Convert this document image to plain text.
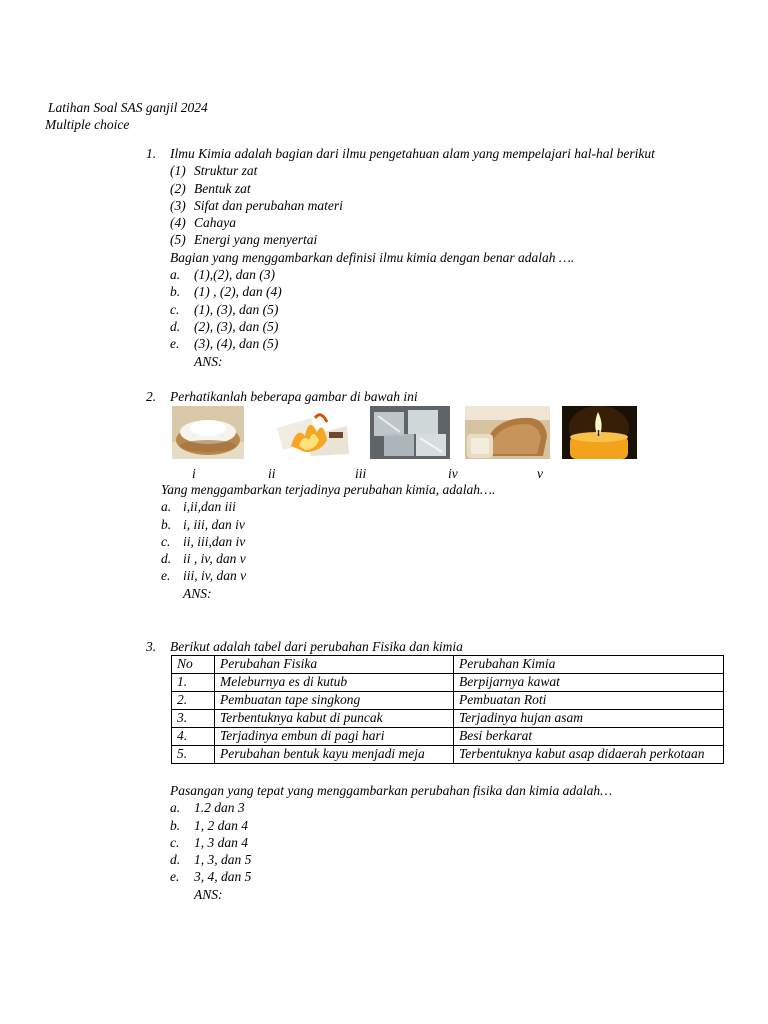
Latihan Soal SAS ganjil 2024
Multiple choice
1. Ilmu Kimia adalah bagian dari ilmu pengetahuan alam yang mempelajari hal-hal berikut
(1) Struktur zat
(2) Bentuk zat
(3) Sifat dan perubahan materi
(4) Cahaya
(5) Energi yang menyertai
Bagian yang menggambarkan definisi ilmu kimia dengan benar adalah ….
a.	(1),(2), dan (3)
b.	(1) , (2), dan (4)
c.	(1), (3), dan (5)
d.	(2), (3), dan (5)
e.	(3), (4), dan (5)
ANS:
2. Perhatikanlah beberapa gambar di bawah ini
i	ii	iii	iv	v
Yang menggambarkan terjadinya perubahan kimia, adalah….
a. i,ii,dan iii
b. i, iii, dan iv
c. ii, iii,dan iv
d. ii , iv, dan v
e. iii, iv, dan v
ANS:
3. Berikut adalah tabel dari perubahan Fisika dan kimia
No	Perubahan Fisika	Perubahan Kimia
1.	Meleburnya es di kutub	Berpijarnya kawat
2.	Pembuatan tape singkong	Pembuatan Roti
3.	Terbentuknya kabut di puncak	Terjadinya hujan asam
4.	Terjadinya embun di pagi hari	Besi berkarat
5.	Perubahan bentuk kayu menjadi meja	Terbentuknya kabut asap didaerah perkotaan
Pasangan yang tepat yang menggambarkan perubahan fisika dan kimia adalah…
a.	1.2 dan 3
b.	1, 2 dan 4
c.	1, 3 dan 4
d.	1, 3, dan 5
e.	3, 4, dan 5
ANS:
